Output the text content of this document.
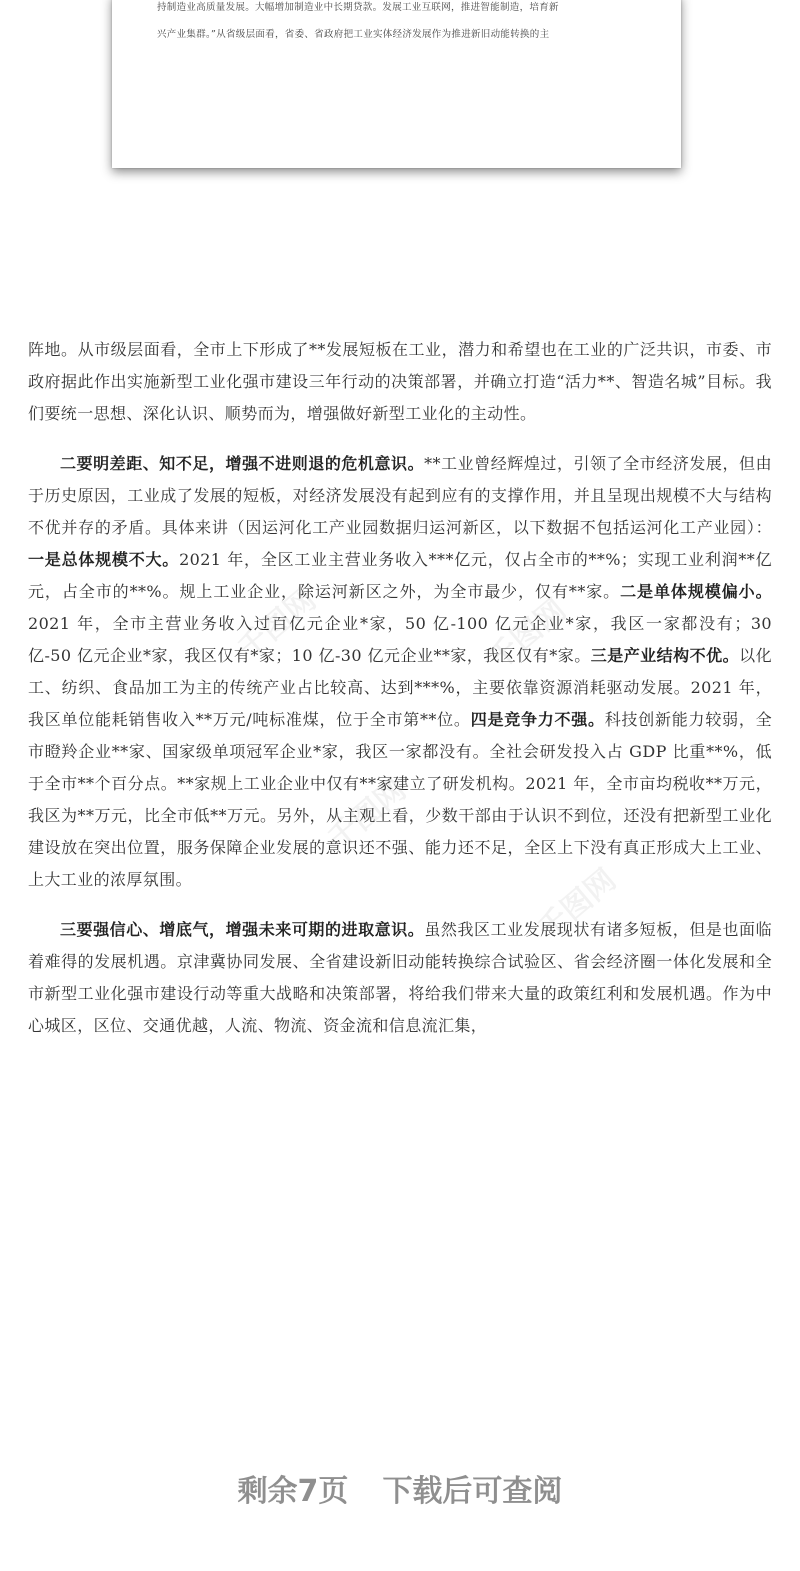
持制造业高质量发展。大幅增加制造业中长期贷款。发展工业互联网，推进智能制造，培育新

兴产业集群。”从省级层面看，省委、省政府把工业实体经济发展作为推进新旧动能转换的主

千图网	千图网
千图网
千图网

阵地。从市级层面看，全市上下形成了**发展短板在工业，潜力和希望也在工业的广泛共识，市委、市政府据此作出实施新型工业化强市建设三年行动的决策部署，并确立打造“活力**、智造名城”目标。我们要统一思想、深化认识、顺势而为，增强做好新型工业化的主动性。

二要明差距、知不足，增强不进则退的危机意识。**工业曾经辉煌过，引领了全市经济发展，但由于历史原因，工业成了发展的短板，对经济发展没有起到应有的支撑作用，并且呈现出规模不大与结构不优并存的矛盾。具体来讲（因运河化工产业园数据归运河新区，以下数据不包括运河化工产业园）：一是总体规模不大。2021 年，全区工业主营业务收入***亿元，仅占全市的**%；实现工业利润**亿元，占全市的**%。规上工业企业，除运河新区之外，为全市最少，仅有**家。二是单体规模偏小。2021 年，全市主营业务收入过百亿元企业*家，50 亿-100 亿元企业*家，我区一家都没有；30 亿-50 亿元企业*家，我区仅有*家；10 亿-30 亿元企业**家，我区仅有*家。三是产业结构不优。以化工、纺织、食品加工为主的传统产业占比较高、达到***%，主要依靠资源消耗驱动发展。2021 年，我区单位能耗销售收入**万元/吨标准煤，位于全市第**位。四是竞争力不强。科技创新能力较弱，全市瞪羚企业**家、国家级单项冠军企业*家，我区一家都没有。全社会研发投入占 GDP 比重**%，低于全市**个百分点。**家规上工业企业中仅有**家建立了研发机构。2021 年，全市亩均税收**万元，我区为**万元，比全市低**万元。另外，从主观上看，少数干部由于认识不到位，还没有把新型工业化建设放在突出位置，服务保障企业发展的意识还不强、能力还不足，全区上下没有真正形成大上工业、上大工业的浓厚氛围。

三要强信心、增底气，增强未来可期的进取意识。虽然我区工业发展现状有诸多短板，但是也面临着难得的发展机遇。京津冀协同发展、全省建设新旧动能转换综合试验区、省会经济圈一体化发展和全市新型工业化强市建设行动等重大战略和决策部署，将给我们带来大量的政策红利和发展机遇。作为中心城区，区位、交通优越，人流、物流、资金流和信息流汇集，

剩余7页 下载后可查阅
